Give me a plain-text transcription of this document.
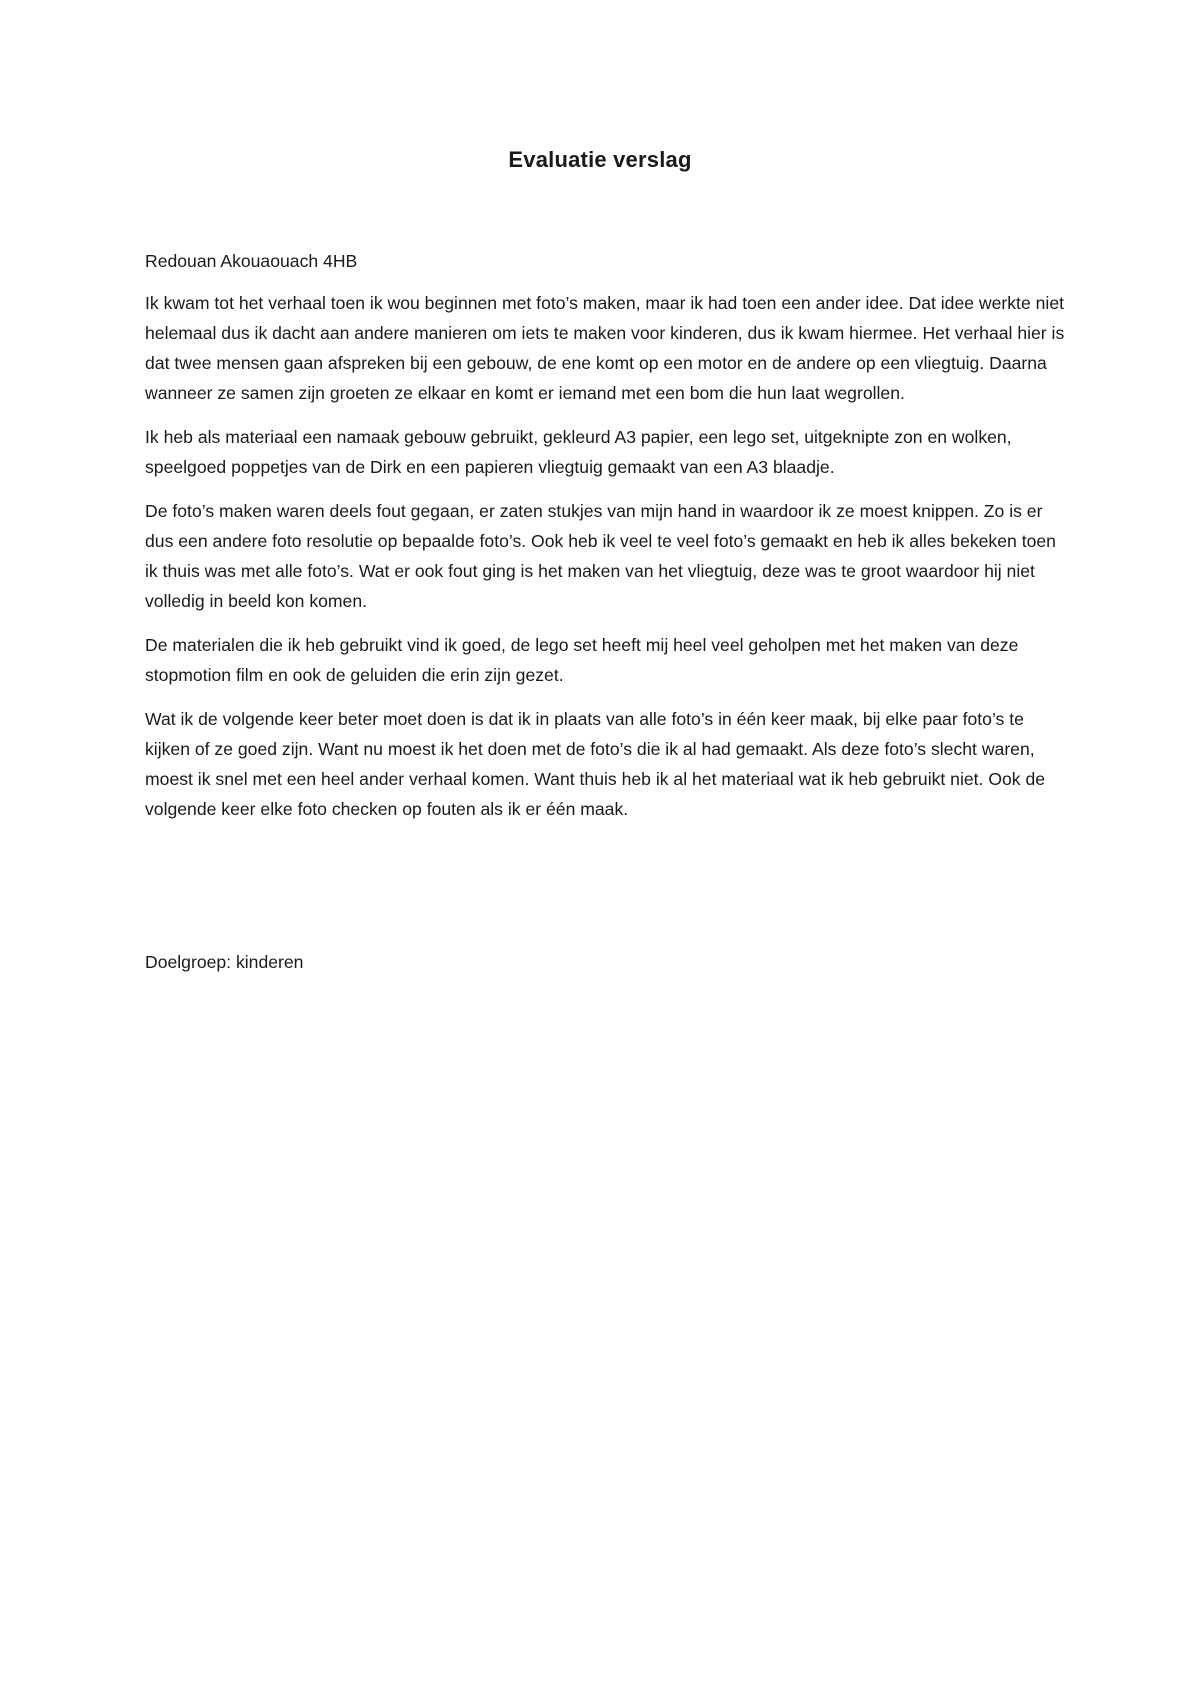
Evaluatie verslag

Redouan Akouaouach 4HB

Ik kwam tot het verhaal toen ik wou beginnen met foto’s maken, maar ik had toen een ander idee. Dat idee werkte niet helemaal dus ik dacht aan andere manieren om iets te maken voor kinderen, dus ik kwam hiermee. Het verhaal hier is dat twee mensen gaan afspreken bij een gebouw, de ene komt op een motor en de andere op een vliegtuig. Daarna wanneer ze samen zijn groeten ze elkaar en komt er iemand met een bom die hun laat wegrollen.

Ik heb als materiaal een namaak gebouw gebruikt, gekleurd A3 papier, een lego set, uitgeknipte zon en wolken, speelgoed poppetjes van de Dirk en een papieren vliegtuig gemaakt van een A3 blaadje.

De foto’s maken waren deels fout gegaan, er zaten stukjes van mijn hand in waardoor ik ze moest knippen. Zo is er dus een andere foto resolutie op bepaalde foto’s. Ook heb ik veel te veel foto’s gemaakt en heb ik alles bekeken toen ik thuis was met alle foto’s. Wat er ook fout ging is het maken van het vliegtuig, deze was te groot waardoor hij niet volledig in beeld kon komen.

De materialen die ik heb gebruikt vind ik goed, de lego set heeft mij heel veel geholpen met het maken van deze stopmotion film en ook de geluiden die erin zijn gezet.

Wat ik de volgende keer beter moet doen is dat ik in plaats van alle foto’s in één keer maak, bij elke paar foto’s te kijken of ze goed zijn. Want nu moest ik het doen met de foto’s die ik al had gemaakt. Als deze foto’s slecht waren, moest ik snel met een heel ander verhaal komen. Want thuis heb ik al het materiaal wat ik heb gebruikt niet. Ook de volgende keer elke foto checken op fouten als ik er één maak.

Doelgroep: kinderen
